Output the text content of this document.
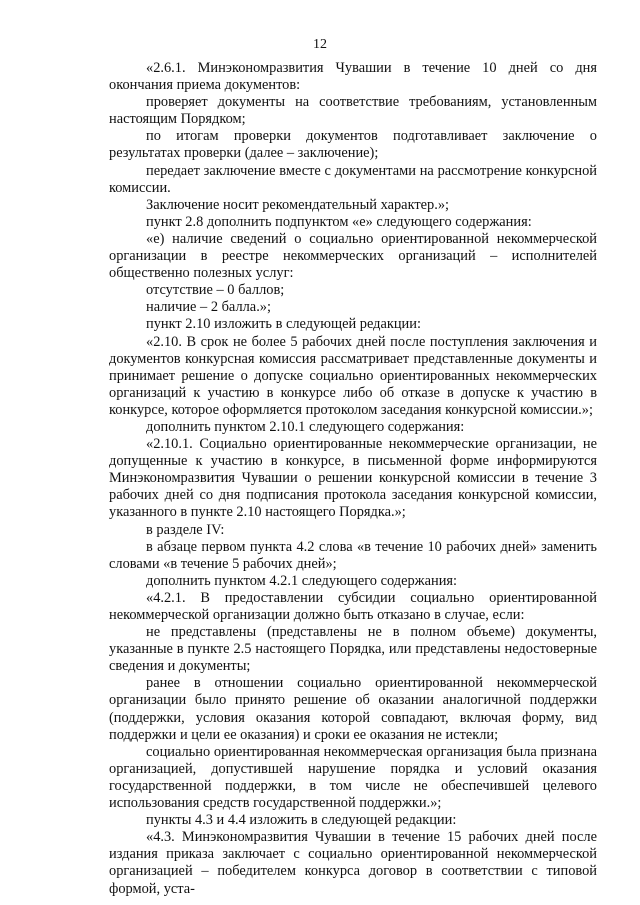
12

«2.6.1. Минэкономразвития Чувашии в течение 10 дней со дня окончания приема документов:

проверяет документы на соответствие требованиям, установленным настоящим Порядком;

по итогам проверки документов подготавливает заключение о результатах проверки (далее – заключение);

передает заключение вместе с документами на рассмотрение конкурсной комиссии.

Заключение носит рекомендательный характер.»;

пункт 2.8 дополнить подпунктом «е» следующего содержания:

«е) наличие сведений о социально ориентированной некоммерческой организации в реестре некоммерческих организаций – исполнителей общественно полезных услуг:

отсутствие – 0 баллов;

наличие – 2 балла.»;

пункт 2.10 изложить в следующей редакции:

«2.10. В срок не более 5 рабочих дней после поступления заключения и документов конкурсная комиссия рассматривает представленные документы и принимает решение о допуске социально ориентированных некоммерческих организаций к участию в конкурсе либо об отказе в допуске к участию в конкурсе, которое оформляется протоколом заседания конкурсной комиссии.»;

дополнить пунктом 2.10.1 следующего содержания:

«2.10.1. Социально ориентированные некоммерческие организации, не допущенные к участию в конкурсе, в письменной форме информируются Минэкономразвития Чувашии о решении конкурсной комиссии в течение 3 рабочих дней со дня подписания протокола заседания конкурсной комиссии, указанного в пункте 2.10 настоящего Порядка.»;

в разделе IV:

в абзаце первом пункта 4.2 слова «в течение 10 рабочих дней» заменить словами «в течение 5 рабочих дней»;

дополнить пунктом 4.2.1 следующего содержания:

«4.2.1. В предоставлении субсидии социально ориентированной некоммерческой организации должно быть отказано в случае, если:

не представлены (представлены не в полном объеме) документы, указанные в пункте 2.5 настоящего Порядка, или представлены недостоверные сведения и документы;

ранее в отношении социально ориентированной некоммерческой организации было принято решение об оказании аналогичной поддержки (поддержки, условия оказания которой совпадают, включая форму, вид поддержки и цели ее оказания) и сроки ее оказания не истекли;

социально ориентированная некоммерческая организация была признана организацией, допустившей нарушение порядка и условий оказания государственной поддержки, в том числе не обеспечившей целевого использования средств государственной поддержки.»;

пункты 4.3 и 4.4 изложить в следующей редакции:

«4.3. Минэкономразвития Чувашии в течение 15 рабочих дней после издания приказа заключает с социально ориентированной некоммерческой организацией – победителем конкурса договор в соответствии с типовой формой, уста-
